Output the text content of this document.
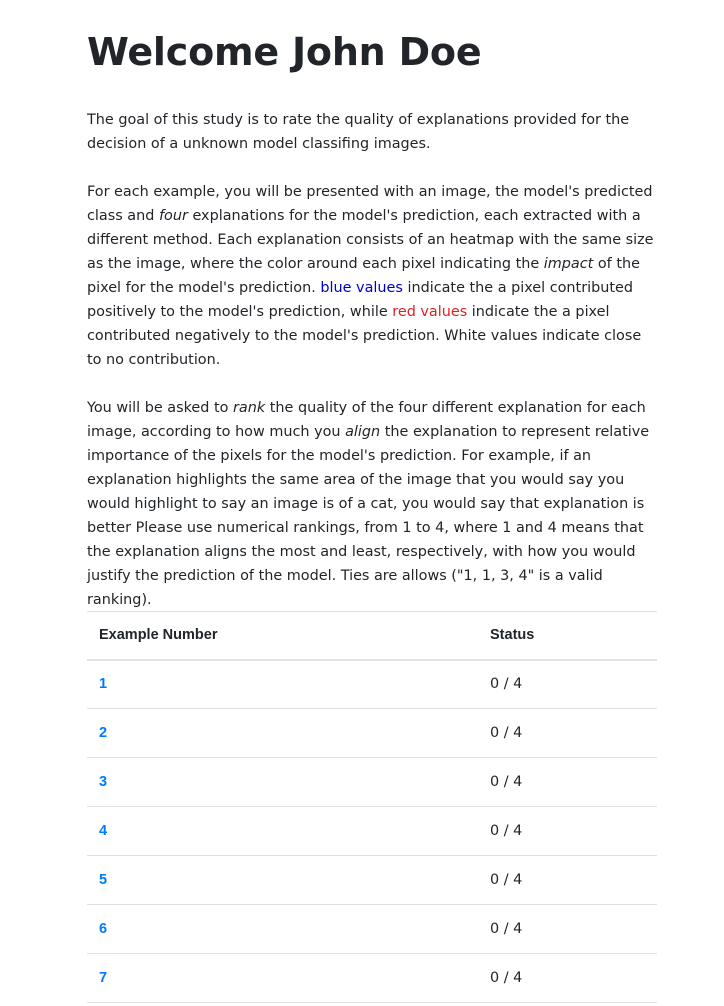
Welcome John Doe

The goal of this study is to rate the quality of explanations provided for the decision of a unknown model classifing images.

For each example, you will be presented with an image, the model's predicted class and four explanations for the model's prediction, each extracted with a different method. Each explanation consists of an heatmap with the same size as the image, where the color around each pixel indicating the impact of the pixel for the model's prediction. blue values indicate the a pixel contributed positively to the model's prediction, while red values indicate the a pixel contributed negatively to the model's prediction. White values indicate close to no contribution.

You will be asked to rank the quality of the four different explanation for each image, according to how much you align the explanation to represent relative importance of the pixels for the model's prediction. For example, if an explanation highlights the same area of the image that you would say you would highlight to say an image is of a cat, you would say that explanation is better Please use numerical rankings, from 1 to 4, where 1 and 4 means that the explanation aligns the most and least, respectively, with how you would justify the prediction of the model. Ties are allows ("1, 1, 3, 4" is a valid ranking).

Example Number	Status
1	0 / 4
2	0 / 4
3	0 / 4
4	0 / 4
5	0 / 4
6	0 / 4
7	0 / 4
